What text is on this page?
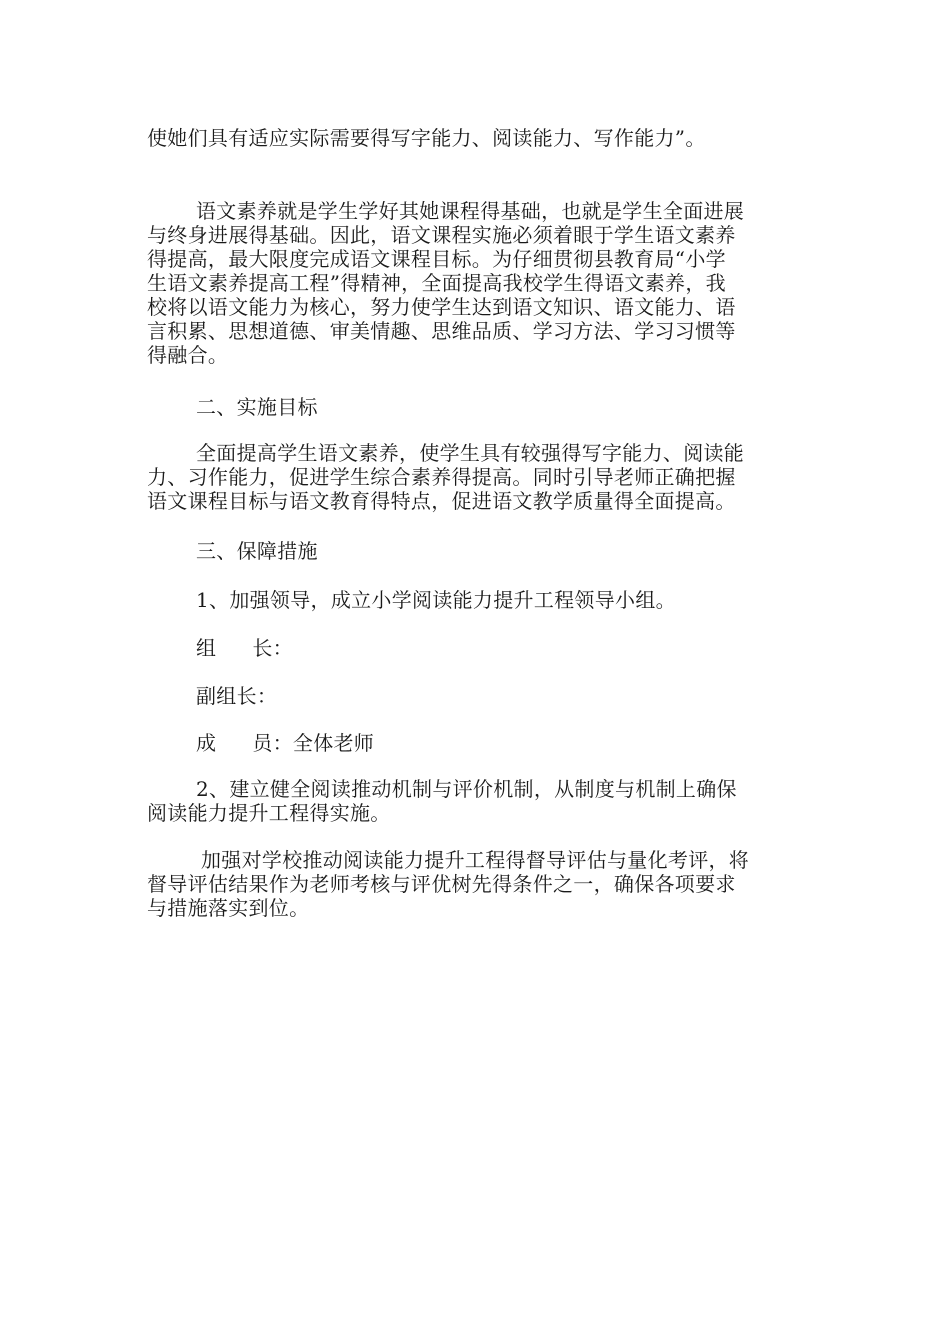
使她们具有适应实际需要得写字能力、阅读能力、写作能力”。

语文素养就是学生学好其她课程得基础，也就是学生全面进展

与终身进展得基础。因此，语文课程实施必须着眼于学生语文素养

得提高，最大限度完成语文课程目标。为仔细贯彻县教育局“小学

生语文素养提高工程”得精神，全面提高我校学生得语文素养，我

校将以语文能力为核心，努力使学生达到语文知识、语文能力、语

言积累、思想道德、审美情趣、思维品质、学习方法、学习习惯等

得融合。

二、实施目标

全面提高学生语文素养，使学生具有较强得写字能力、阅读能

力、习作能力，促进学生综合素养得提高。同时引导老师正确把握

语文课程目标与语文教育得特点，促进语文教学质量得全面提高。

三、保障措施
1、加强领导，成立小学阅读能力提升工程领导小组。
组 长：
副组长：
成 员：全体老师

2、建立健全阅读推动机制与评价机制，从制度与机制上确保

阅读能力提升工程得实施。

加强对学校推动阅读能力提升工程得督导评估与量化考评，将

督导评估结果作为老师考核与评优树先得条件之一，确保各项要求

与措施落实到位。
